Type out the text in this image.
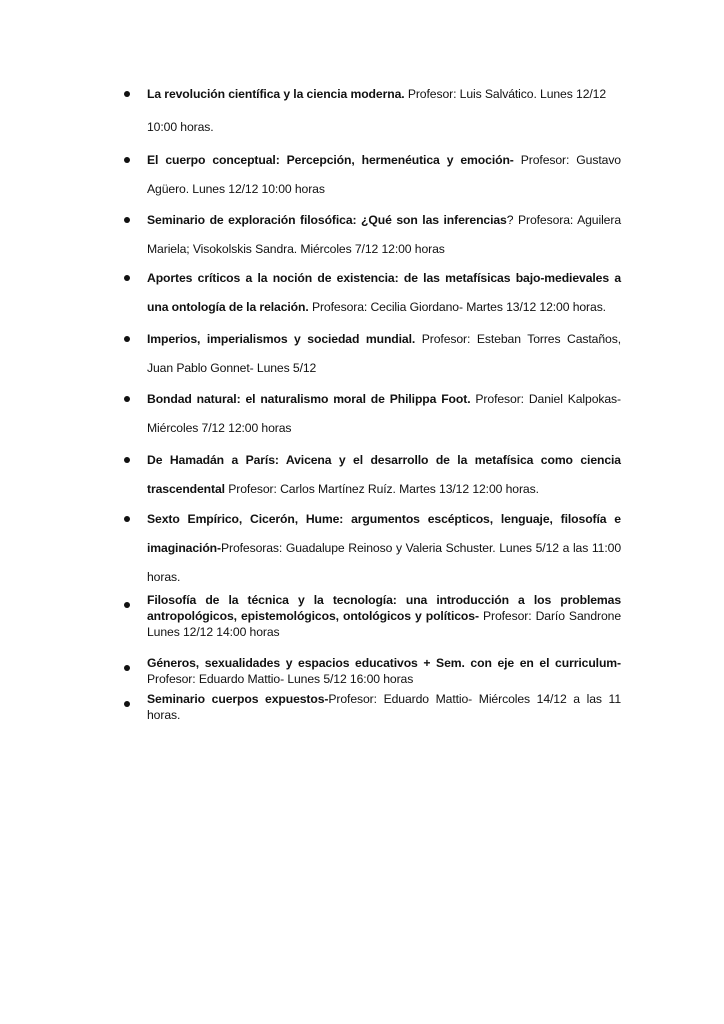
La revolución científica y la ciencia moderna. Profesor: Luis Salvático. Lunes 12/12
10:00 horas.
El cuerpo conceptual: Percepción, hermenéutica y emoción- Profesor: Gustavo Agüero. Lunes 12/12 10:00 horas
Seminario de exploración filosófica: ¿Qué son las inferencias? Profesora: Aguilera Mariela; Visokolskis Sandra. Miércoles 7/12 12:00 horas
Aportes críticos a la noción de existencia: de las metafísicas bajo-medievales a una ontología de la relación. Profesora: Cecilia Giordano- Martes 13/12 12:00 horas.
Imperios, imperialismos y sociedad mundial. Profesor: Esteban Torres Castaños, Juan Pablo Gonnet- Lunes 5/12
Bondad natural: el naturalismo moral de Philippa Foot. Profesor: Daniel Kalpokas- Miércoles 7/12 12:00 horas
De Hamadán a París: Avicena y el desarrollo de la metafísica como ciencia trascendental Profesor: Carlos Martínez Ruíz. Martes 13/12 12:00 horas.
Sexto Empírico, Cicerón, Hume: argumentos escépticos, lenguaje, filosofía e imaginación-Profesoras: Guadalupe Reinoso y Valeria Schuster. Lunes 5/12 a las 11:00 horas.
Filosofía de la técnica y la tecnología: una introducción a los problemas antropológicos, epistemológicos, ontológicos y políticos- Profesor: Darío Sandrone Lunes 12/12 14:00 horas
Géneros, sexualidades y espacios educativos + Sem. con eje en el curriculum- Profesor: Eduardo Mattio- Lunes 5/12 16:00 horas
Seminario cuerpos expuestos-Profesor: Eduardo Mattio- Miércoles 14/12 a las 11 horas.
